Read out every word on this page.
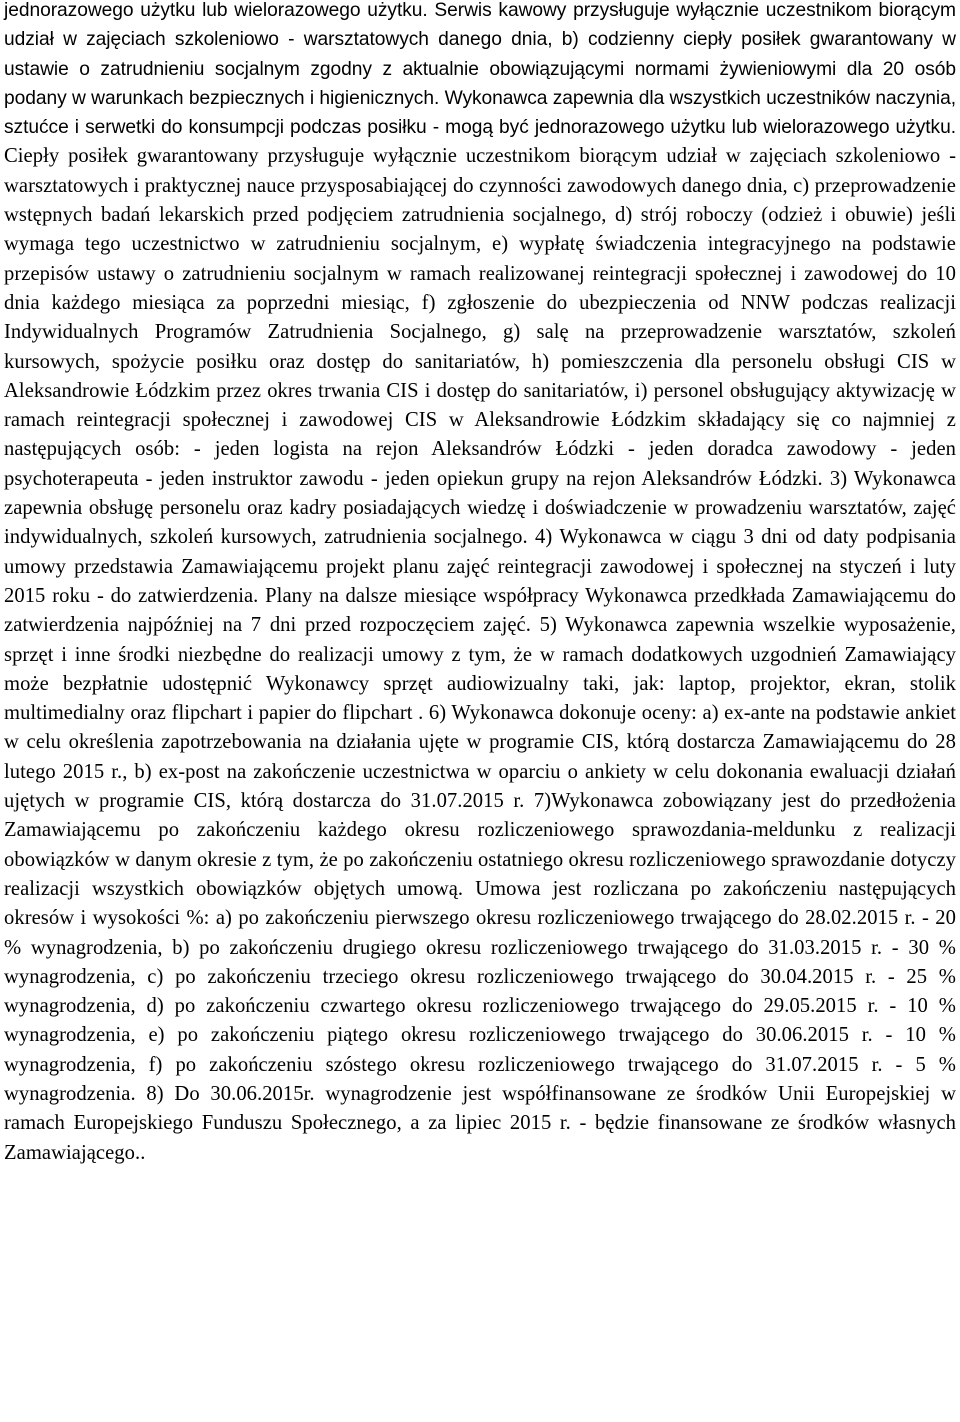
jednorazowego użytku lub wielorazowego użytku. Serwis kawowy przysługuje wyłącznie uczestnikom biorącym udział w zajęciach szkoleniowo - warsztatowych danego dnia, b) codzienny ciepły posiłek gwarantowany w ustawie o zatrudnieniu socjalnym zgodny z aktualnie obowiązującymi normami żywieniowymi dla 20 osób podany w warunkach bezpiecznych i higienicznych. Wykonawca zapewnia dla wszystkich uczestników naczynia, sztućce i serwetki do konsumpcji podczas posiłku - mogą być jednorazowego użytku lub wielorazowego użytku. Ciepły posiłek gwarantowany przysługuje wyłącznie uczestnikom biorącym udział w zajęciach szkoleniowo - warsztatowych i praktycznej nauce przysposabiającej do czynności zawodowych danego dnia, c) przeprowadzenie wstępnych badań lekarskich przed podjęciem zatrudnienia socjalnego, d) strój roboczy (odzież i obuwie) jeśli wymaga tego uczestnictwo w zatrudnieniu socjalnym, e) wypłatę świadczenia integracyjnego na podstawie przepisów ustawy o zatrudnieniu socjalnym w ramach realizowanej reintegracji społecznej i zawodowej do 10 dnia każdego miesiąca za poprzedni miesiąc, f) zgłoszenie do ubezpieczenia od NNW podczas realizacji Indywidualnych Programów Zatrudnienia Socjalnego, g) salę na przeprowadzenie warsztatów, szkoleń kursowych, spożycie posiłku oraz dostęp do sanitariatów, h) pomieszczenia dla personelu obsługi CIS w Aleksandrowie Łódzkim przez okres trwania CIS i dostęp do sanitariatów, i) personel obsługujący aktywizację w ramach reintegracji społecznej i zawodowej CIS w Aleksandrowie Łódzkim składający się co najmniej z następujących osób: - jeden logista na rejon Aleksandrów Łódzki - jeden doradca zawodowy - jeden psychoterapeuta - jeden instruktor zawodu - jeden opiekun grupy na rejon Aleksandrów Łódzki. 3) Wykonawca zapewnia obsługę personelu oraz kadry posiadających wiedzę i doświadczenie w prowadzeniu warsztatów, zajęć indywidualnych, szkoleń kursowych, zatrudnienia socjalnego. 4) Wykonawca w ciągu 3 dni od daty podpisania umowy przedstawia Zamawiającemu projekt planu zajęć reintegracji zawodowej i społecznej na styczeń i luty 2015 roku - do zatwierdzenia. Plany na dalsze miesiące współpracy Wykonawca przedkłada Zamawiającemu do zatwierdzenia najpóźniej na 7 dni przed rozpoczęciem zajęć. 5) Wykonawca zapewnia wszelkie wyposażenie, sprzęt i inne środki niezbędne do realizacji umowy z tym, że w ramach dodatkowych uzgodnień Zamawiający może bezpłatnie udostępnić Wykonawcy sprzęt audiowizualny taki, jak: laptop, projektor, ekran, stolik multimedialny oraz flipchart i papier do flipchart . 6) Wykonawca dokonuje oceny: a) ex-ante na podstawie ankiet w celu określenia zapotrzebowania na działania ujęte w programie CIS, którą dostarcza Zamawiającemu do 28 lutego 2015 r., b) ex-post na zakończenie uczestnictwa w oparciu o ankiety w celu dokonania ewaluacji działań ujętych w programie CIS, którą dostarcza do 31.07.2015 r. 7)Wykonawca zobowiązany jest do przedłożenia Zamawiającemu po zakończeniu każdego okresu rozliczeniowego sprawozdania-meldunku z realizacji obowiązków w danym okresie z tym, że po zakończeniu ostatniego okresu rozliczeniowego sprawozdanie dotyczy realizacji wszystkich obowiązków objętych umową. Umowa jest rozliczana po zakończeniu następujących okresów i wysokości %: a) po zakończeniu pierwszego okresu rozliczeniowego trwającego do 28.02.2015 r. - 20 % wynagrodzenia, b) po zakończeniu drugiego okresu rozliczeniowego trwającego do 31.03.2015 r. - 30 % wynagrodzenia, c) po zakończeniu trzeciego okresu rozliczeniowego trwającego do 30.04.2015 r. - 25 % wynagrodzenia, d) po zakończeniu czwartego okresu rozliczeniowego trwającego do 29.05.2015 r. - 10 % wynagrodzenia, e) po zakończeniu piątego okresu rozliczeniowego trwającego do 30.06.2015 r. - 10 % wynagrodzenia, f) po zakończeniu szóstego okresu rozliczeniowego trwającego do 31.07.2015 r. - 5 % wynagrodzenia. 8) Do 30.06.2015r. wynagrodzenie jest współfinansowane ze środków Unii Europejskiej w ramach Europejskiego Funduszu Społecznego, a za lipiec 2015 r. - będzie finansowane ze środków własnych Zamawiającego..
